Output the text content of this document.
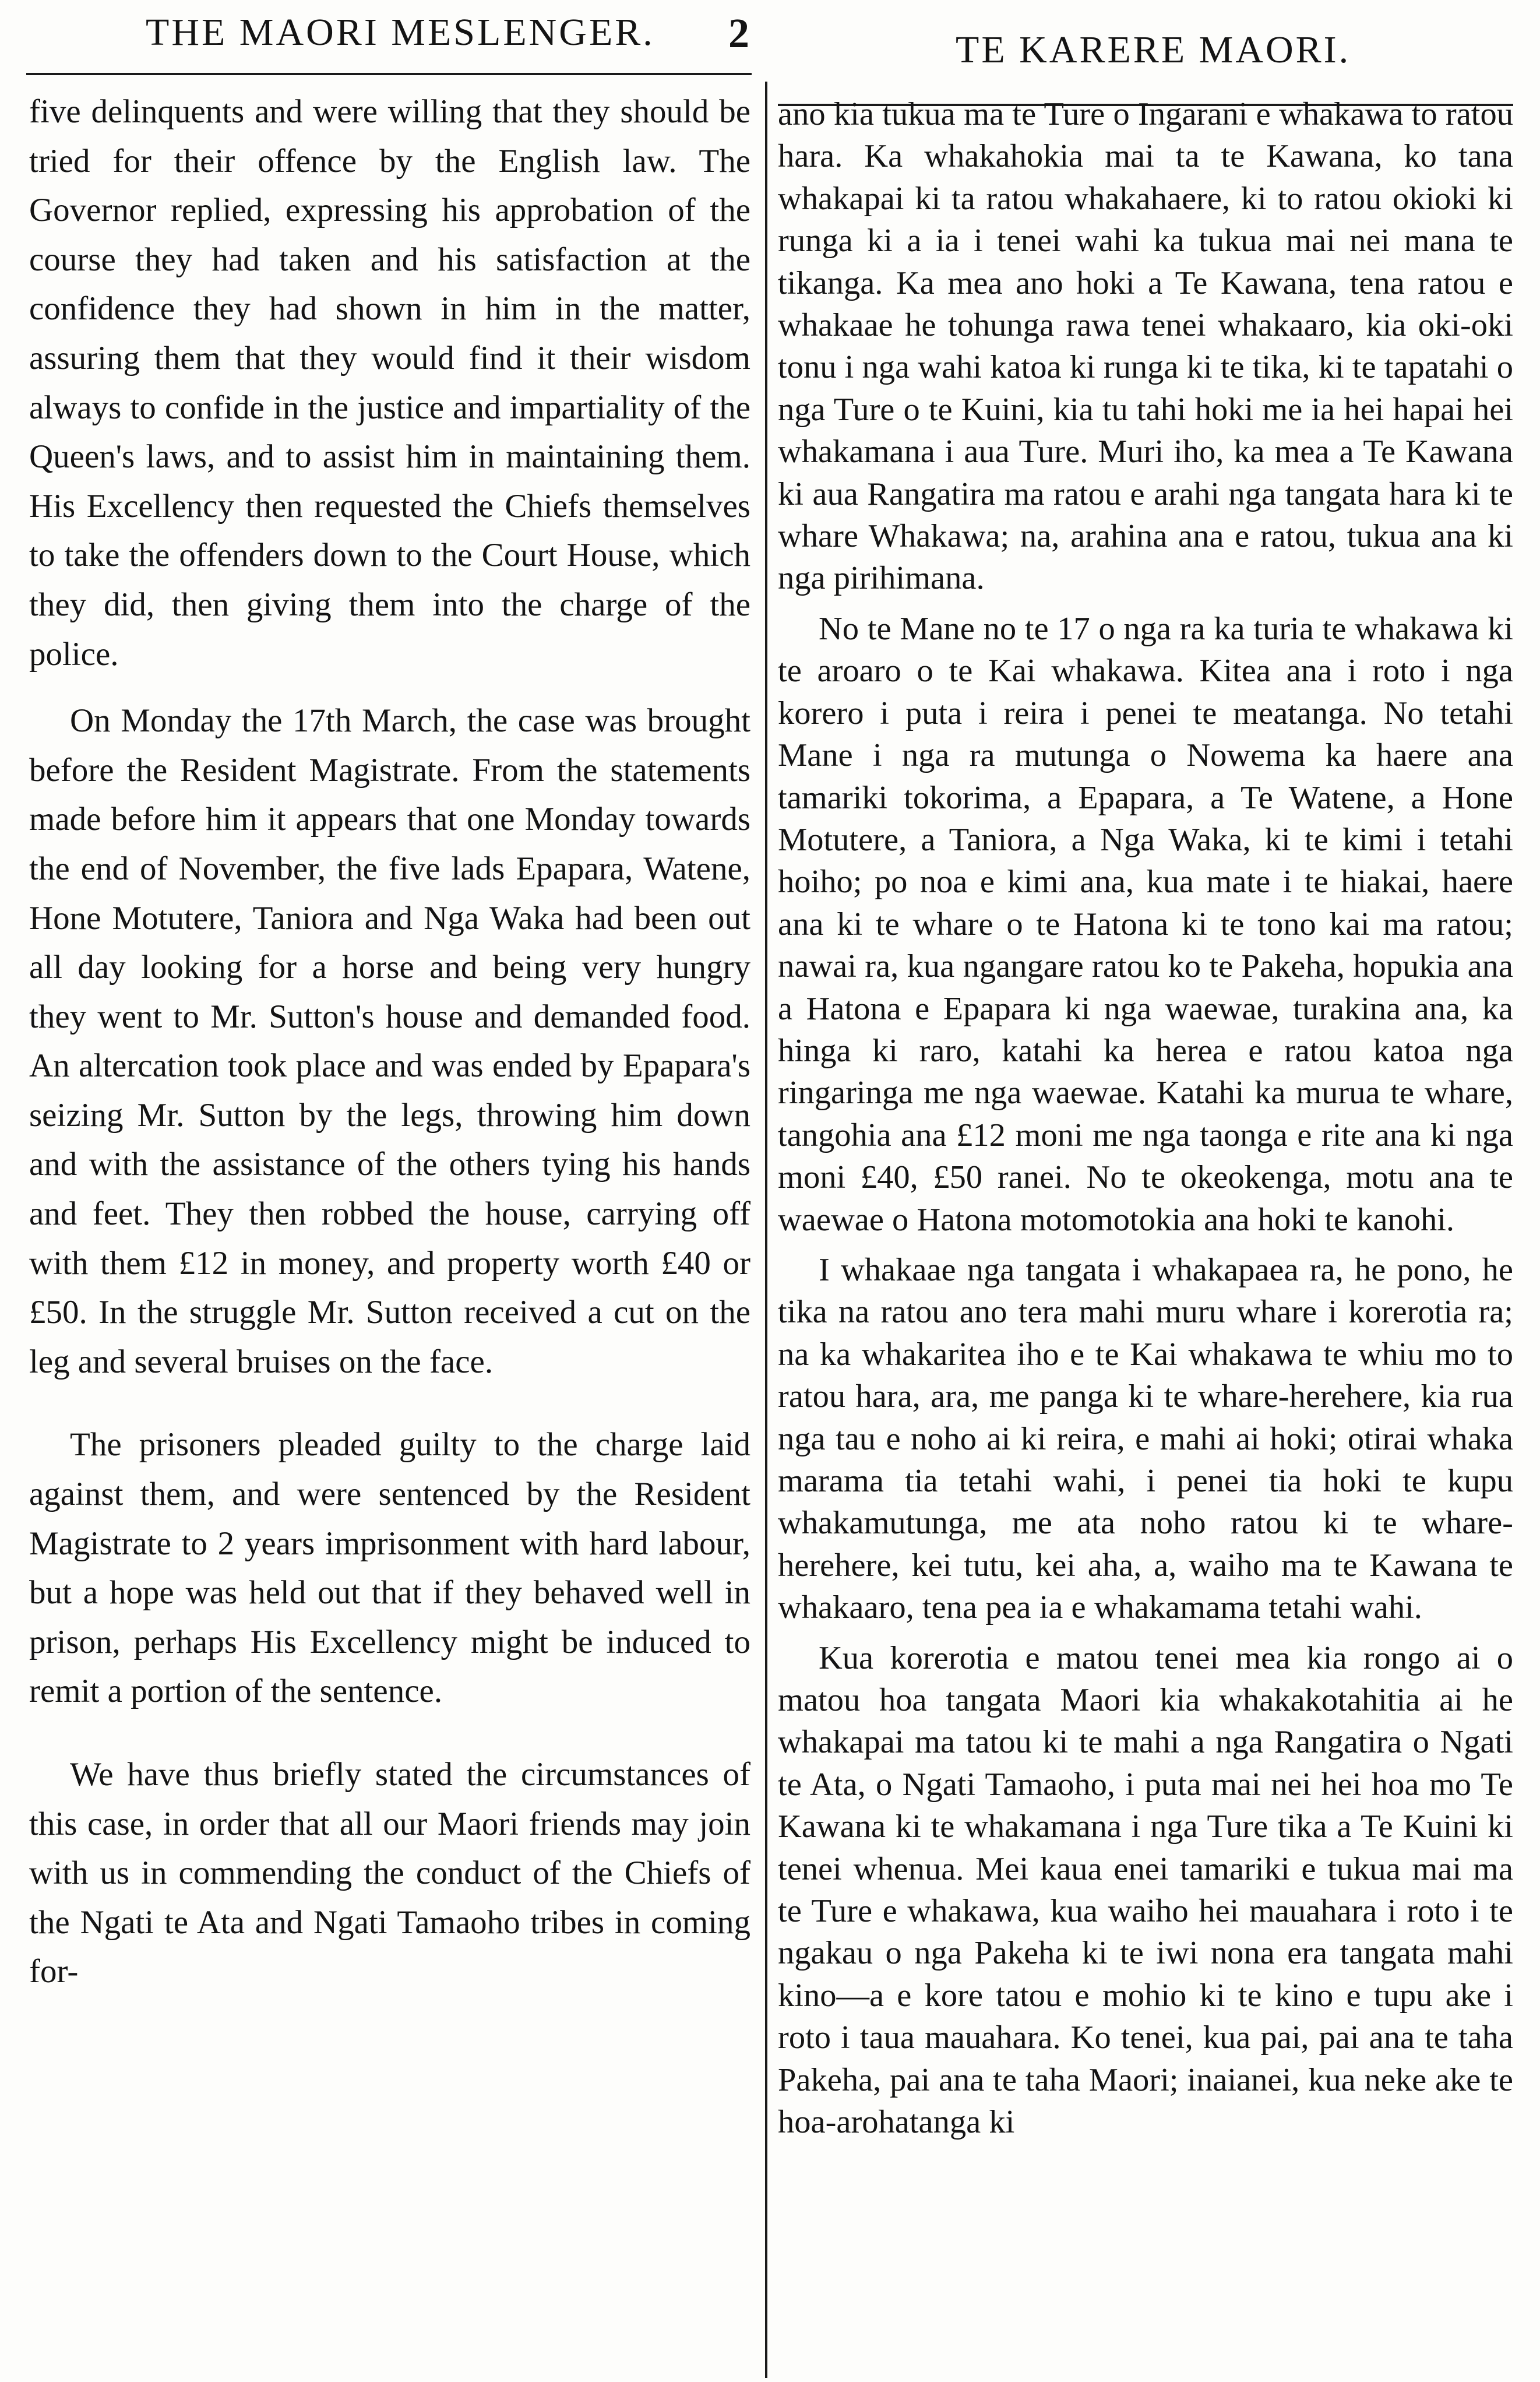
THE MAORI MESLENGER. 2	TE KARERE MAORI.

five delinquents and were willing that they should be tried for their offence by the English law. The Governor replied, expressing his approbation of the course they had taken and his satisfaction at the confidence they had shown in him in the matter, assuring them that they would find it their wisdom always to confide in the justice and impartiality of the Queen's laws, and to assist him in maintaining them. His Excellency then requested the Chiefs themselves to take the offenders down to the Court House, which they did, then giving them into the charge of the police.

On Monday the 17th March, the case was brought before the Resident Magistrate. From the statements made before him it appears that one Monday towards the end of November, the five lads Epapara, Watene, Hone Motutere, Taniora and Nga Waka had been out all day looking for a horse and being very hungry they went to Mr. Sutton's house and demanded food. An altercation took place and was ended by Epapara's seizing Mr. Sutton by the legs, throwing him down and with the assistance of the others tying his hands and feet. They then robbed the house, carrying off with them £12 in money, and property worth £40 or £50. In the struggle Mr. Sutton received a cut on the leg and several bruises on the face.

The prisoners pleaded guilty to the charge laid against them, and were sentenced by the Resident Magistrate to 2 years imprisonment with hard labour, but a hope was held out that if they behaved well in prison, perhaps His Excellency might be induced to remit a portion of the sentence.

We have thus briefly stated the circumstances of this case, in order that all our Maori friends may join with us in commending the conduct of the Chiefs of the Ngati te Ata and Ngati Tamaoho tribes in coming for-

ano kia tukua ma te Ture o Ingarani e whakawa to ratou hara. Ka whakahokia mai ta te Kawana, ko tana whakapai ki ta ratou whakahaere, ki to ratou okioki ki runga ki a ia i tenei wahi ka tukua mai nei mana te tikanga. Ka mea ano hoki a Te Kawana, tena ratou e whakaae he tohunga rawa tenei whakaaro, kia oki-oki tonu i nga wahi katoa ki runga ki te tika, ki te tapatahi o nga Ture o te Kuini, kia tu tahi hoki me ia hei hapai hei whakamana i aua Ture. Muri iho, ka mea a Te Kawana ki aua Rangatira ma ratou e arahi nga tangata hara ki te whare Whakawa; na, arahina ana e ratou, tukua ana ki nga pirihimana.

No te Mane no te 17 o nga ra ka turia te whakawa ki te aroaro o te Kai whakawa. Kitea ana i roto i nga korero i puta i reira i penei te meatanga. No tetahi Mane i nga ra mutunga o Nowema ka haere ana tamariki tokorima, a Epapara, a Te Watene, a Hone Motutere, a Taniora, a Nga Waka, ki te kimi i tetahi hoiho; po noa e kimi ana, kua mate i te hiakai, haere ana ki te whare o te Hatona ki te tono kai ma ratou; nawai ra, kua ngangare ratou ko te Pakeha, hopukia ana a Hatona e Epapara ki nga waewae, turakina ana, ka hinga ki raro, katahi ka herea e ratou katoa nga ringaringa me nga waewae. Katahi ka murua te whare, tangohia ana £12 moni me nga taonga e rite ana ki nga moni £40, £50 ranei. No te okeokenga, motu ana te waewae o Hatona motomotokia ana hoki te kanohi.

I whakaae nga tangata i whakapaea ra, he pono, he tika na ratou ano tera mahi muru whare i korerotia ra; na ka whakaritea iho e te Kai whakawa te whiu mo to ratou hara, ara, me panga ki te whare-herehere, kia rua nga tau e noho ai ki reira, e mahi ai hoki; otirai whaka marama tia tetahi wahi, i penei tia hoki te kupu whakamutunga, me ata noho ratou ki te whare-herehere, kei tutu, kei aha, a, waiho ma te Kawana te whakaaro, tena pea ia e whakamama tetahi wahi.

Kua korerotia e matou tenei mea kia rongo ai o matou hoa tangata Maori kia whakakotahitia ai he whakapai ma tatou ki te mahi a nga Rangatira o Ngati te Ata, o Ngati Tamaoho, i puta mai nei hei hoa mo Te Kawana ki te whakamana i nga Ture tika a Te Kuini ki tenei whenua. Mei kaua enei tamariki e tukua mai ma te Ture e whakawa, kua waiho hei mauahara i roto i te ngakau o nga Pakeha ki te iwi nona era tangata mahi kino—a e kore tatou e mohio ki te kino e tupu ake i roto i taua mauahara. Ko tenei, kua pai, pai ana te taha Pakeha, pai ana te taha Maori; inaianei, kua neke ake te hoa-arohatanga ki
